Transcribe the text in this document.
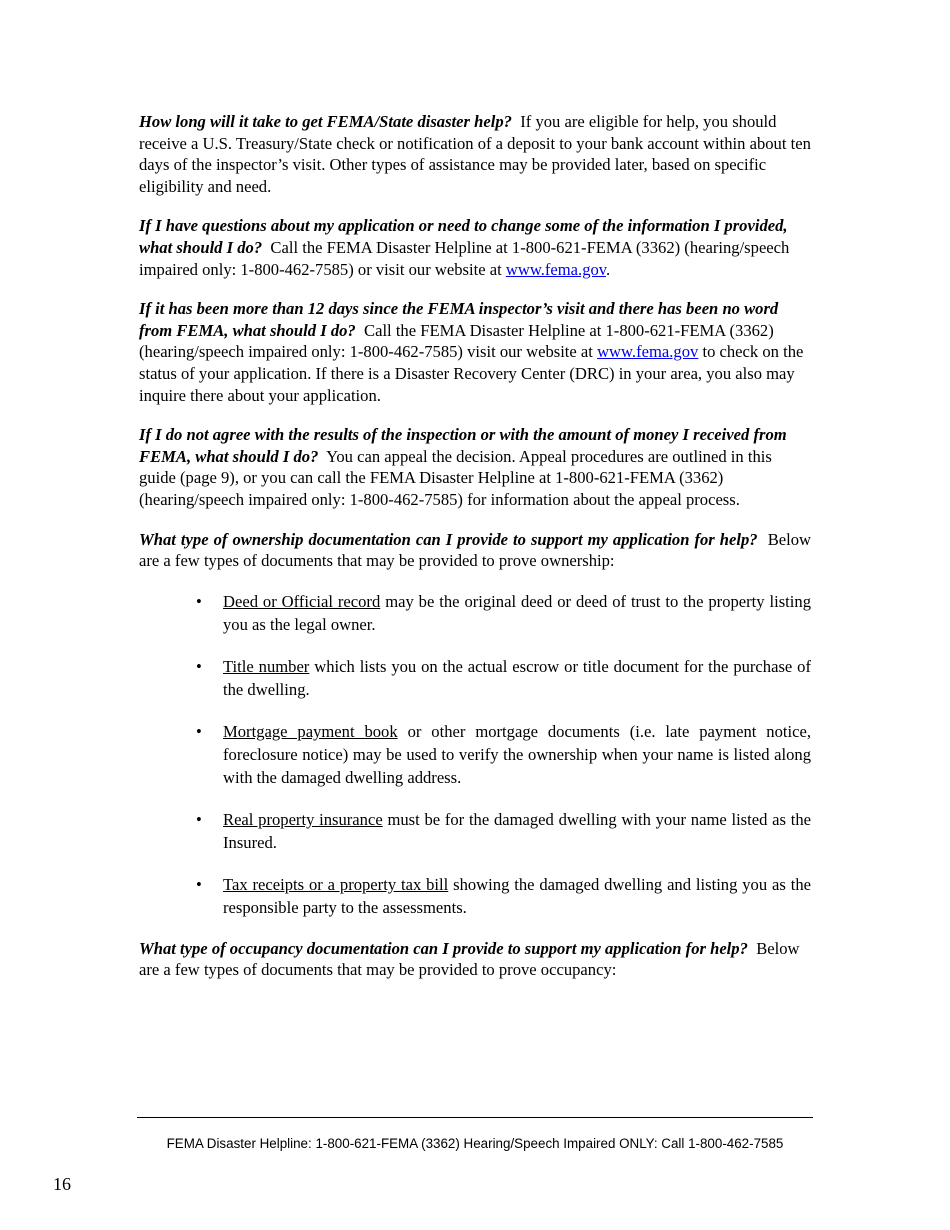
How long will it take to get FEMA/State disaster help? If you are eligible for help, you should receive a U.S. Treasury/State check or notification of a deposit to your bank account within about ten days of the inspector’s visit. Other types of assistance may be provided later, based on specific eligibility and need.

If I have questions about my application or need to change some of the information I provided, what should I do? Call the FEMA Disaster Helpline at 1-800-621-FEMA (3362) (hearing/speech impaired only: 1-800-462-7585) or visit our website at www.fema.gov.

If it has been more than 12 days since the FEMA inspector’s visit and there has been no word from FEMA, what should I do? Call the FEMA Disaster Helpline at 1-800-621-FEMA (3362) (hearing/speech impaired only: 1-800-462-7585) visit our website at www.fema.gov to check on the status of your application. If there is a Disaster Recovery Center (DRC) in your area, you also may inquire there about your application.

If I do not agree with the results of the inspection or with the amount of money I received from FEMA, what should I do? You can appeal the decision. Appeal procedures are outlined in this guide (page 9), or you can call the FEMA Disaster Helpline at 1-800-621-FEMA (3362) (hearing/speech impaired only: 1-800-462-7585) for information about the appeal process.

What type of ownership documentation can I provide to support my application for help? Below are a few types of documents that may be provided to prove ownership:

• Deed or Official record may be the original deed or deed of trust to the property listing you as the legal owner.
• Title number which lists you on the actual escrow or title document for the purchase of the dwelling.
• Mortgage payment book or other mortgage documents (i.e. late payment notice, foreclosure notice) may be used to verify the ownership when your name is listed along with the damaged dwelling address.
• Real property insurance must be for the damaged dwelling with your name listed as the Insured.
• Tax receipts or a property tax bill showing the damaged dwelling and listing you as the responsible party to the assessments.

What type of occupancy documentation can I provide to support my application for help? Below are a few types of documents that may be provided to prove occupancy:

FEMA Disaster Helpline: 1-800-621-FEMA (3362) Hearing/Speech Impaired ONLY: Call 1-800-462-7585
16
